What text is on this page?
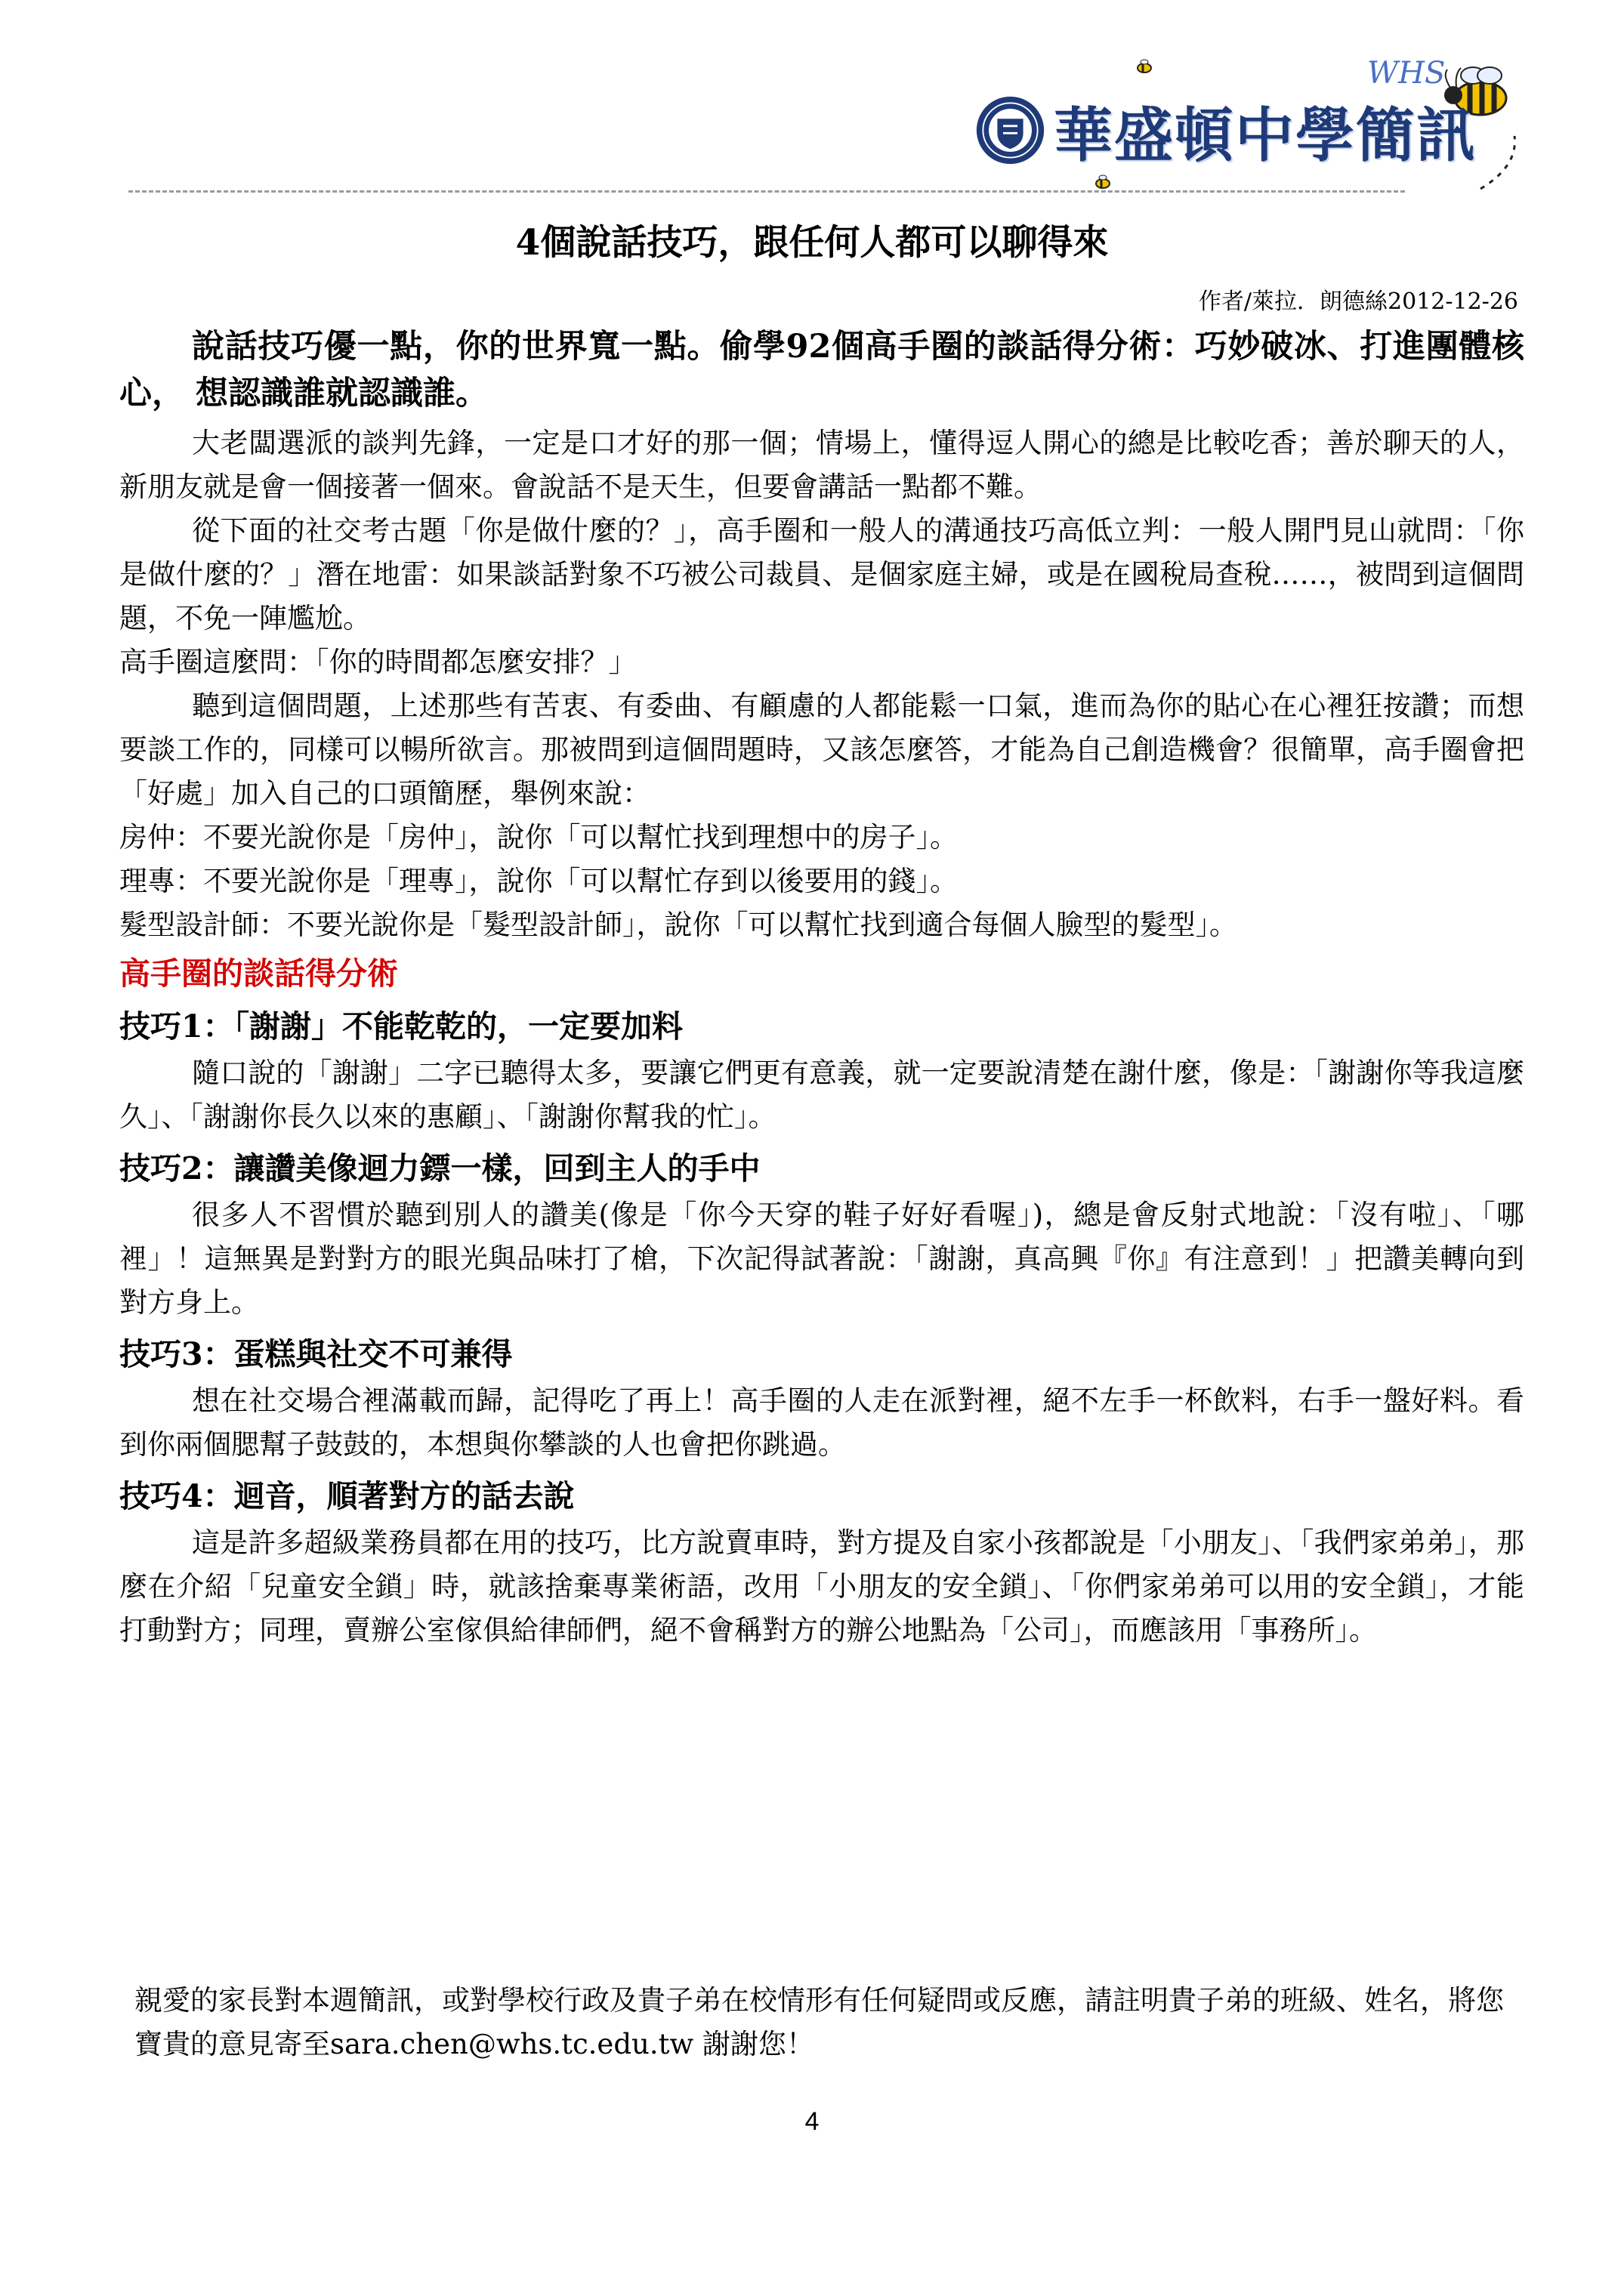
WHS
華盛頓中學簡訊
4個說話技巧，跟任何人都可以聊得來
作者/萊拉．朗德絲2012-12-26
說話技巧優一點，你的世界寬一點。偷學92個高手圈的談話得分術：巧妙破冰、打進團體核心， 想認識誰就認識誰。

大老闆選派的談判先鋒，一定是口才好的那一個；情場上，懂得逗人開心的總是比較吃香；善於聊天的人，新朋友就是會一個接著一個來。會說話不是天生，但要會講話一點都不難。

從下面的社交考古題「你是做什麼的？」，高手圈和一般人的溝通技巧高低立判：一般人開門見山就問：「你是做什麼的？」潛在地雷：如果談話對象不巧被公司裁員、是個家庭主婦，或是在國稅局查稅……，被問到這個問題，不免一陣尷尬。

高手圈這麼問：「你的時間都怎麼安排？」

聽到這個問題，上述那些有苦衷、有委曲、有顧慮的人都能鬆一口氣，進而為你的貼心在心裡狂按讚；而想要談工作的，同樣可以暢所欲言。那被問到這個問題時，又該怎麼答，才能為自己創造機會？很簡單，高手圈會把「好處」加入自己的口頭簡歷，舉例來說：

房仲：不要光說你是「房仲」，說你「可以幫忙找到理想中的房子」。

理專：不要光說你是「理專」，說你「可以幫忙存到以後要用的錢」。

髮型設計師：不要光說你是「髮型設計師」，說你「可以幫忙找到適合每個人臉型的髮型」。

高手圈的談話得分術
技巧1：「謝謝」不能乾乾的，一定要加料

隨口說的「謝謝」二字已聽得太多，要讓它們更有意義，就一定要說清楚在謝什麼，像是：「謝謝你等我這麼久」、「謝謝你長久以來的惠顧」、「謝謝你幫我的忙」。

技巧2：讓讚美像迴力鏢一樣，回到主人的手中

很多人不習慣於聽到別人的讚美(像是「你今天穿的鞋子好好看喔」)，總是會反射式地說：「沒有啦」、「哪裡」！這無異是對對方的眼光與品味打了槍，下次記得試著說：「謝謝，真高興『你』有注意到！」把讚美轉向到對方身上。

技巧3：蛋糕與社交不可兼得

想在社交場合裡滿載而歸，記得吃了再上！高手圈的人走在派對裡，絕不左手一杯飲料，右手一盤好料。看到你兩個腮幫子鼓鼓的，本想與你攀談的人也會把你跳過。

技巧4：迴音，順著對方的話去說

這是許多超級業務員都在用的技巧，比方說賣車時，對方提及自家小孩都說是「小朋友」、「我們家弟弟」，那麼在介紹「兒童安全鎖」時，就該捨棄專業術語，改用「小朋友的安全鎖」、「你們家弟弟可以用的安全鎖」，才能打動對方；同理，賣辦公室傢俱給律師們，絕不會稱對方的辦公地點為「公司」，而應該用「事務所」。

親愛的家長對本週簡訊，或對學校行政及貴子弟在校情形有任何疑問或反應，請註明貴子弟的班級、姓名，將您寶貴的意見寄至sara.chen@whs.tc.edu.tw 謝謝您！
4
